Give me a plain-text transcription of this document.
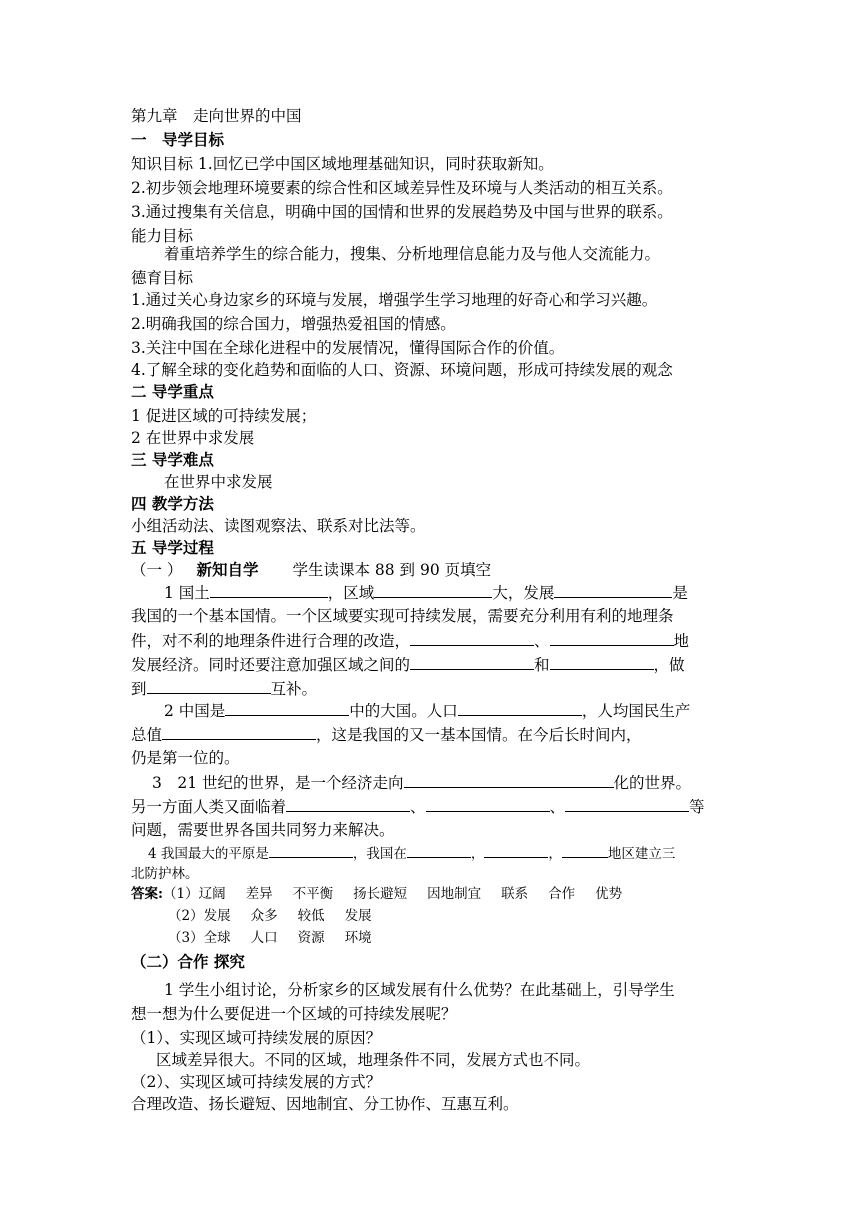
第九章　走向世界的中国
一　导学目标
知识目标 1.回忆已学中国区域地理基础知识，同时获取新知。
2.初步领会地理环境要素的综合性和区域差异性及环境与人类活动的相互关系。
3.通过搜集有关信息，明确中国的国情和世界的发展趋势及中国与世界的联系。
能力目标
着重培养学生的综合能力，搜集、分析地理信息能力及与他人交流能力。
德育目标
1.通过关心身边家乡的环境与发展，增强学生学习地理的好奇心和学习兴趣。
2.明确我国的综合国力，增强热爱祖国的情感。
3.关注中国在全球化进程中的发展情况，懂得国际合作的价值。
4.了解全球的变化趋势和面临的人口、资源、环境问题，形成可持续发展的观念
二 导学重点
1 促进区域的可持续发展；
2 在世界中求发展
三 导学难点
在世界中求发展
四 教学方法
小组活动法、读图观察法、联系对比法等。
五 导学过程
（一 ） 新知自学 学生读课本 88 到 90 页填空
1 国土	，区域	大，发展	是
我国的一个基本国情。一个区域要实现可持续发展，需要充分利用有利的地理条
件，对不利的地理条件进行合理的改造，	、	地
发展经济。同时还要注意加强区域之间的	和	，做
到	互补。
2 中国是	中的大国。人口	，人均国民生产
总值	，这是我国的又一基本国情。在今后长时间内，
仍是第一位的。
3　21 世纪的世界，是一个经济走向	化的世界。
另一方面人类又面临着	、	、	等
问题，需要世界各国共同努力来解决。
4 我国最大的平原是	，我国在	，	，	地区建立三
北防护林。
答案:（1）辽阔 差异 不平衡 扬长避短 因地制宜 联系 合作 优势
（2）发展 众多 较低 发展
（3）全球 人口 资源 环境
（二）合作 探究
1 学生小组讨论，分析家乡的区域发展有什么优势？在此基础上，引导学生
想一想为什么要促进一个区域的可持续发展呢？
（1）、实现区域可持续发展的原因？
区域差异很大。不同的区域，地理条件不同，发展方式也不同。
（2）、实现区域可持续发展的方式？
合理改造、扬长避短、因地制宜、分工协作、互惠互利。
